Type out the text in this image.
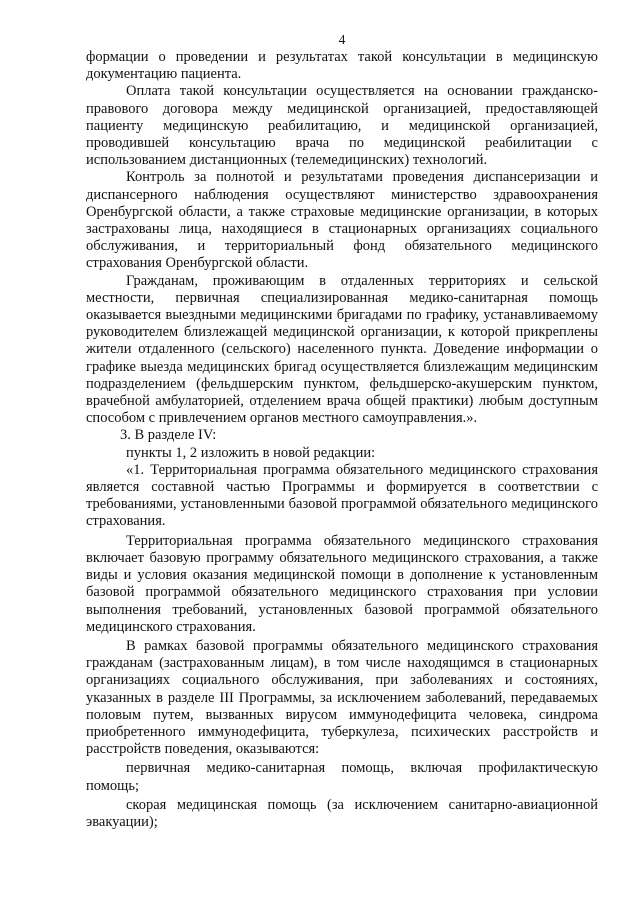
4

формации о проведении и результатах такой консультации в медицинскую документацию пациента.

Оплата такой консультации осуществляется на основании гражданско-правового договора между медицинской организацией, предоставляющей пациенту медицинскую реабилитацию, и медицинской организацией, проводившей консультацию врача по медицинской реабилитации с использованием дистанционных (телемедицинских) технологий.

Контроль за полнотой и результатами проведения диспансеризации и диспансерного наблюдения осуществляют министерство здравоохранения Оренбургской области, а также страховые медицинские организации, в которых застрахованы лица, находящиеся в стационарных организациях социального обслуживания, и территориальный фонд обязательного медицинского страхования Оренбургской области.

Гражданам, проживающим в отдаленных территориях и сельской местности, первичная специализированная медико-санитарная помощь оказывается выездными медицинскими бригадами по графику, устанавливаемому руководителем близлежащей медицинской организации, к которой прикреплены жители отдаленного (сельского) населенного пункта. Доведение информации о графике выезда медицинских бригад осуществляется близлежащим медицинским подразделением (фельдшерским пунктом, фельдшерско-акушерским пунктом, врачебной амбулаторией, отделением врача общей практики) любым доступным способом с привлечением органов местного самоуправления.».

3. В разделе IV:

пункты 1, 2 изложить в новой редакции:

«1. Территориальная программа обязательного медицинского страхования является составной частью Программы и формируется в соответствии с требованиями, установленными базовой программой обязательного медицинского страхования.

Территориальная программа обязательного медицинского страхования включает базовую программу обязательного медицинского страхования, а также виды и условия оказания медицинской помощи в дополнение к установленным базовой программой обязательного медицинского страхования при условии выполнения требований, установленных базовой программой обязательного медицинского страхования.

В рамках базовой программы обязательного медицинского страхования гражданам (застрахованным лицам), в том числе находящимся в стационарных организациях социального обслуживания, при заболеваниях и состояниях, указанных в разделе III Программы, за исключением заболеваний, передаваемых половым путем, вызванных вирусом иммунодефицита человека, синдрома приобретенного иммунодефицита, туберкулеза, психических расстройств и расстройств поведения, оказываются:

первичная медико-санитарная помощь, включая профилактическую помощь;

скорая медицинская помощь (за исключением санитарно-авиационной эвакуации);
